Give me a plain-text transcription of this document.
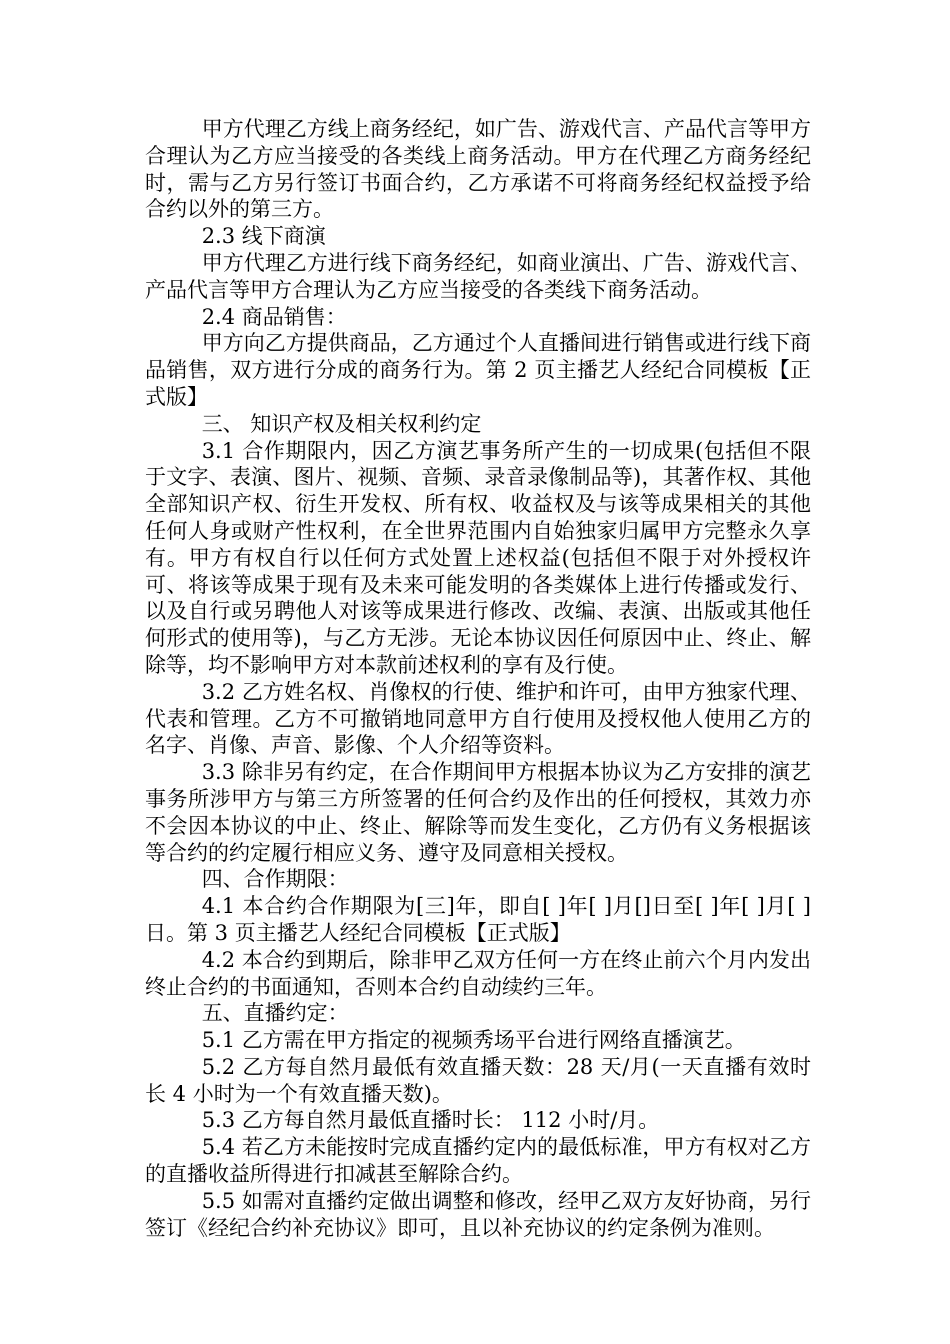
甲方代理乙方线上商务经纪，如广告、游戏代言、产品代言等甲方合理认为乙方应当接受的各类线上商务活动。甲方在代理乙方商务经纪时，需与乙方另行签订书面合约，乙方承诺不可将商务经纪权益授予给合约以外的第三方。

2.3 线下商演

甲方代理乙方进行线下商务经纪，如商业演出、广告、游戏代言、产品代言等甲方合理认为乙方应当接受的各类线下商务活动。

2.4 商品销售：

甲方向乙方提供商品，乙方通过个人直播间进行销售或进行线下商品销售，双方进行分成的商务行为。第 2 页主播艺人经纪合同模板【正式版】

三、 知识产权及相关权利约定

3.1 合作期限内，因乙方演艺事务所产生的一切成果(包括但不限于文字、表演、图片、视频、音频、录音录像制品等)，其著作权、其他全部知识产权、衍生开发权、所有权、收益权及与该等成果相关的其他任何人身或财产性权利，在全世界范围内自始独家归属甲方完整永久享有。甲方有权自行以任何方式处置上述权益(包括但不限于对外授权许可、将该等成果于现有及未来可能发明的各类媒体上进行传播或发行、以及自行或另聘他人对该等成果进行修改、改编、表演、出版或其他任何形式的使用等)，与乙方无涉。无论本协议因任何原因中止、终止、解除等，均不影响甲方对本款前述权利的享有及行使。

3.2 乙方姓名权、肖像权的行使、维护和许可，由甲方独家代理、代表和管理。乙方不可撤销地同意甲方自行使用及授权他人使用乙方的名字、肖像、声音、影像、个人介绍等资料。

3.3 除非另有约定，在合作期间甲方根据本协议为乙方安排的演艺事务所涉甲方与第三方所签署的任何合约及作出的任何授权，其效力亦不会因本协议的中止、终止、解除等而发生变化，乙方仍有义务根据该等合约的约定履行相应义务、遵守及同意相关授权。

四、合作期限：

4.1 本合约合作期限为[三]年，即自[ ]年[ ]月[]日至[ ]年[ ]月[ ]日。第 3 页主播艺人经纪合同模板【正式版】

4.2 本合约到期后，除非甲乙双方任何一方在终止前六个月内发出终止合约的书面通知，否则本合约自动续约三年。

五、直播约定：

5.1 乙方需在甲方指定的视频秀场平台进行网络直播演艺。

5.2 乙方每自然月最低有效直播天数：28 天/月(一天直播有效时长 4 小时为一个有效直播天数)。

5.3 乙方每自然月最低直播时长： 112 小时/月。

5.4 若乙方未能按时完成直播约定内的最低标准，甲方有权对乙方的直播收益所得进行扣减甚至解除合约。

5.5 如需对直播约定做出调整和修改，经甲乙双方友好协商，另行签订《经纪合约补充协议》即可，且以补充协议的约定条例为准则。
